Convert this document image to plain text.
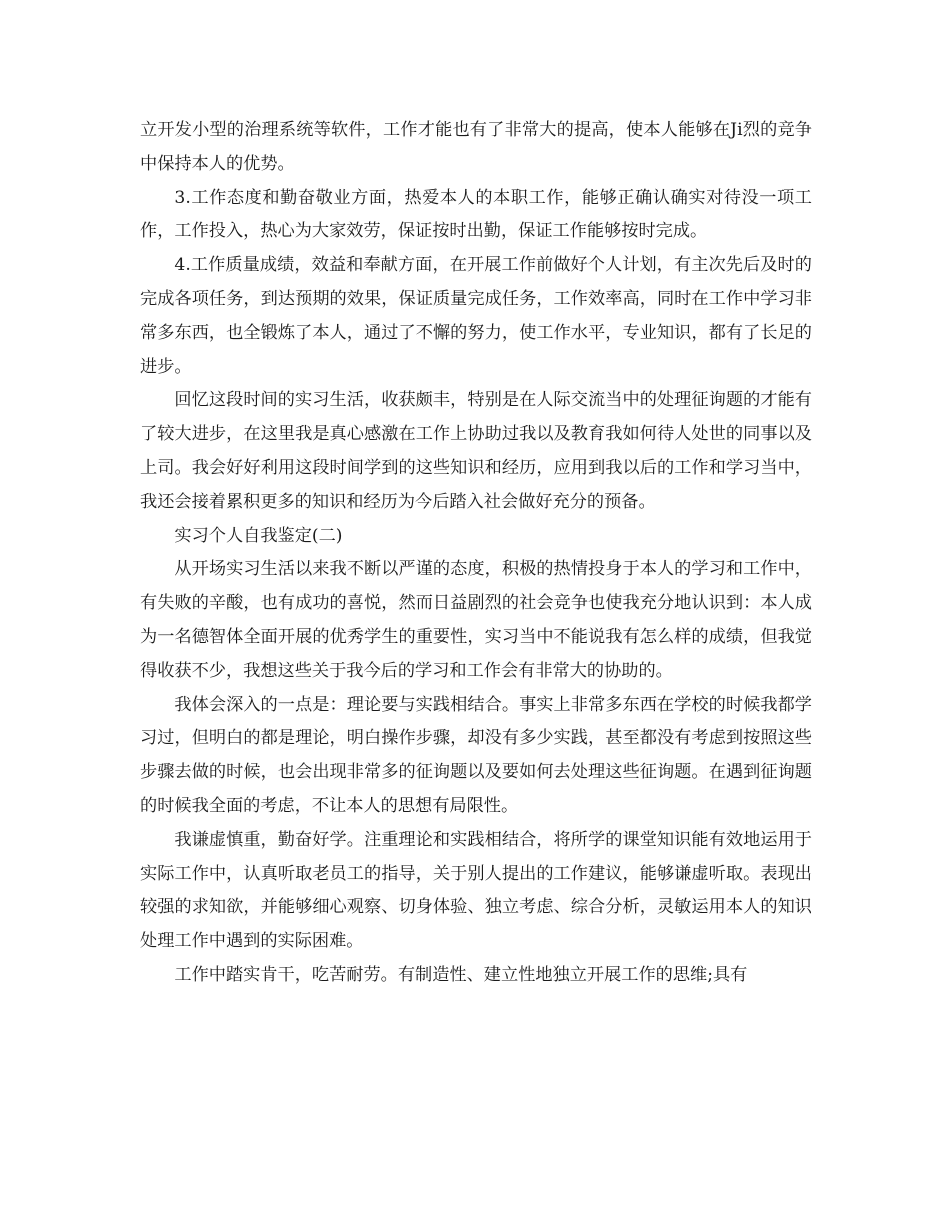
立开发小型的治理系统等软件，工作才能也有了非常大的提高，使本人能够在Ji烈的竞争中保持本人的优势。

3.工作态度和勤奋敬业方面，热爱本人的本职工作，能够正确认确实对待没一项工作，工作投入，热心为大家效劳，保证按时出勤，保证工作能够按时完成。

4.工作质量成绩，效益和奉献方面，在开展工作前做好个人计划，有主次先后及时的完成各项任务，到达预期的效果，保证质量完成任务，工作效率高，同时在工作中学习非常多东西，也全锻炼了本人，通过了不懈的努力，使工作水平，专业知识，都有了长足的进步。

回忆这段时间的实习生活，收获颇丰，特别是在人际交流当中的处理征询题的才能有了较大进步，在这里我是真心感激在工作上协助过我以及教育我如何待人处世的同事以及上司。我会好好利用这段时间学到的这些知识和经历，应用到我以后的工作和学习当中，我还会接着累积更多的知识和经历为今后踏入社会做好充分的预备。

实习个人自我鉴定(二)

从开场实习生活以来我不断以严谨的态度，积极的热情投身于本人的学习和工作中，有失败的辛酸，也有成功的喜悦，然而日益剧烈的社会竞争也使我充分地认识到：本人成为一名德智体全面开展的优秀学生的重要性，实习当中不能说我有怎么样的成绩，但我觉得收获不少，我想这些关于我今后的学习和工作会有非常大的协助的。

我体会深入的一点是：理论要与实践相结合。事实上非常多东西在学校的时候我都学习过，但明白的都是理论，明白操作步骤，却没有多少实践，甚至都没有考虑到按照这些步骤去做的时候，也会出现非常多的征询题以及要如何去处理这些征询题。在遇到征询题的时候我全面的考虑，不让本人的思想有局限性。

我谦虚慎重，勤奋好学。注重理论和实践相结合，将所学的课堂知识能有效地运用于实际工作中，认真听取老员工的指导，关于别人提出的工作建议，能够谦虚听取。表现出较强的求知欲，并能够细心观察、切身体验、独立考虑、综合分析，灵敏运用本人的知识处理工作中遇到的实际困难。

工作中踏实肯干，吃苦耐劳。有制造性、建立性地独立开展工作的思维;具有
